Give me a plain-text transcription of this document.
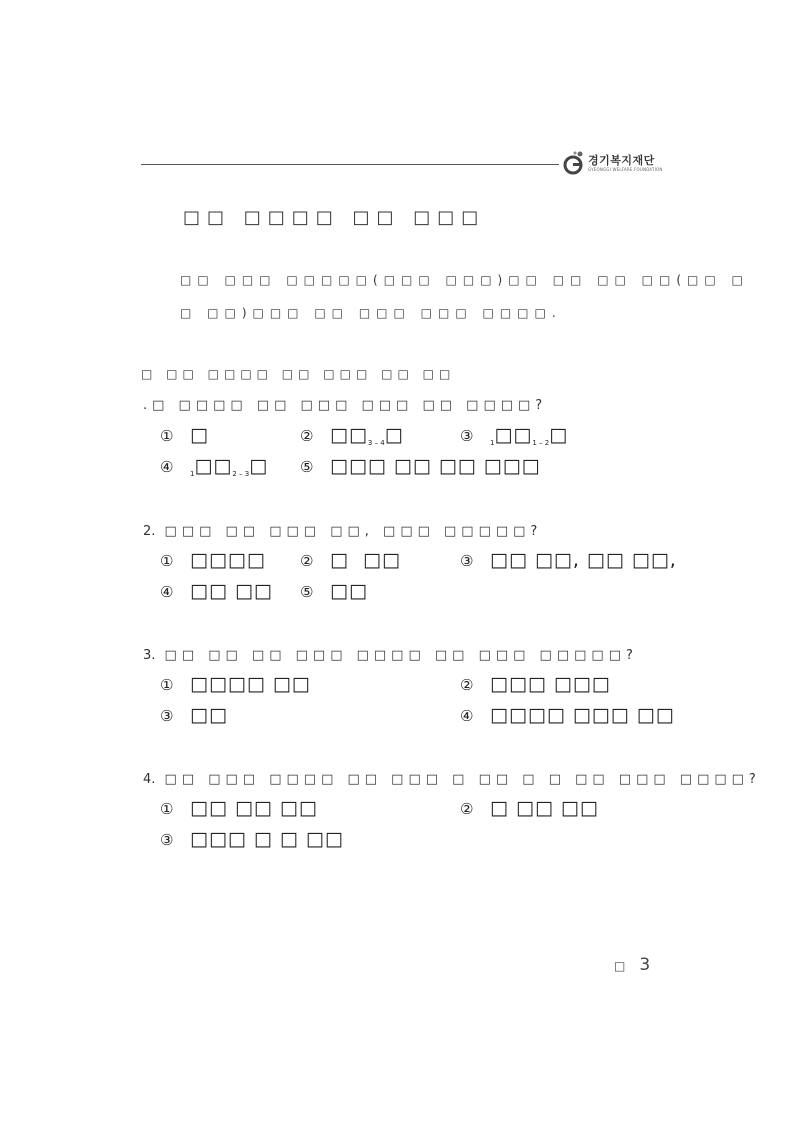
경기복지재단
GYEONGGI WELFARE FOUNDATION
□□ □□□□ □□ □□□
□□ □□□ □□□□□(□□□ □□□)□□ □□ □□ □□(□□ □
□ □□)□□□ □□ □□□ □□□ □□□□.
□ □□ □□□□ □□ □□□ □□ □□
.□ □□□□ □□ □□□ □□□ □□ □□□□?
① □	② $□□_{3 - 4}□$	③ $_1□□_{1 - 2}□$
④ $_1□□_{2 - 3}□$ ⑤ □□□ □□ □□ □□□
2. □□□ □□ □□□ □□, □□□ □□□□□?
① □□□□ ② □  □□	③ □□ □□, □□ □□,
④ □□ □□ ⑤ □□
3. □□ □□ □□ □□□ □□□□ □□ □□□ □□□□□?
① □□□□ □□	② □□□ □□□
③ □□	④ □□□□ □□□ □□
4. □□ □□□ □□□□ □□ □□□ □ □□ □ □ □□ □□□ □□□□?
① □□ □□ □□	② □ □□ □□
③ □□□ □ □ □□
□ 3
